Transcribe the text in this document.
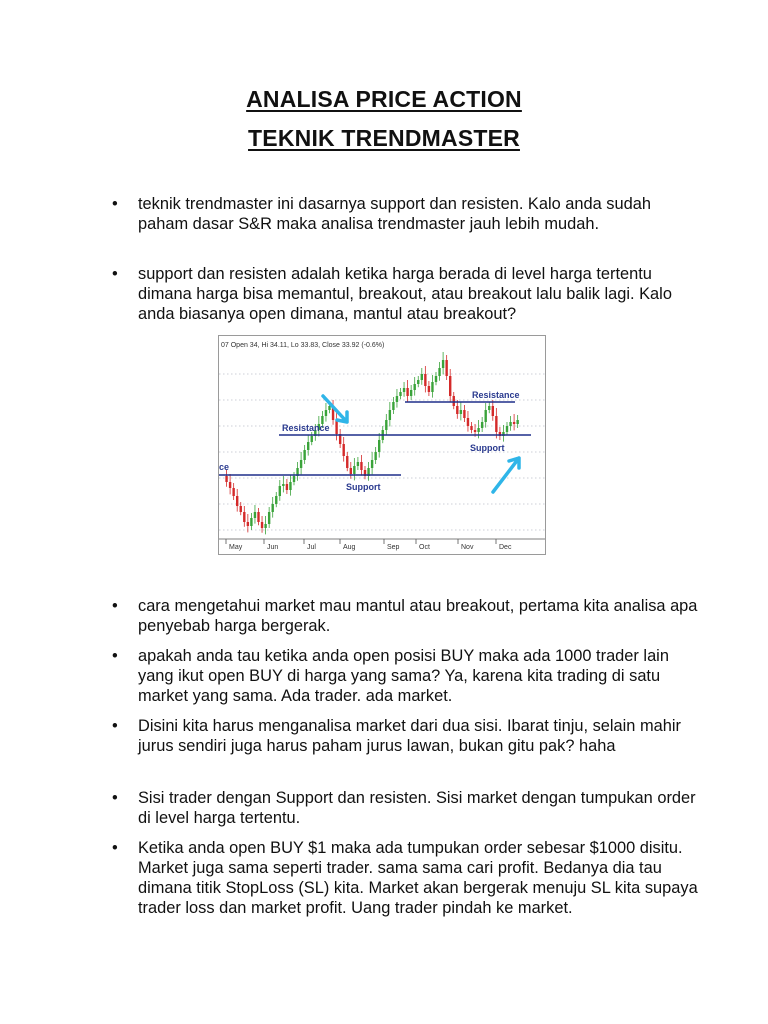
ANALISA PRICE ACTION
TEKNIK TRENDMASTER
•	teknik trendmaster ini dasarnya support dan resisten. Kalo anda sudah paham dasar S&R maka analisa trendmaster jauh lebih mudah.
•	support dan resisten adalah ketika harga berada di level harga tertentu dimana harga bisa memantul, breakout, atau breakout lalu balik lagi. Kalo anda biasanya open dimana, mantul atau breakout?
07 Open 34, Hi 34.11, Lo 33.83, Close 33.92 (-0.6%)
Resistance
Resistance
Support
Support
ce
May	Jun	Jul	Aug	Sep	Oct	Nov	Dec
•	cara mengetahui market mau mantul atau breakout, pertama kita analisa apa penyebab harga bergerak.
•	apakah anda tau ketika anda open posisi BUY maka ada 1000 trader lain yang ikut open BUY di harga yang sama? Ya, karena kita trading di satu market yang sama. Ada trader. ada market.
•	Disini kita harus menganalisa market dari dua sisi. Ibarat tinju, selain mahir jurus sendiri juga harus paham jurus lawan, bukan gitu pak? haha
•	Sisi trader dengan Support dan resisten. Sisi market dengan tumpukan order di level harga tertentu.
•	Ketika anda open BUY $1 maka ada tumpukan order sebesar $1000 disitu. Market juga sama seperti trader. sama sama cari profit. Bedanya dia tau dimana titik StopLoss (SL) kita. Market akan bergerak menuju SL kita supaya trader loss dan market profit. Uang trader pindah ke market.
